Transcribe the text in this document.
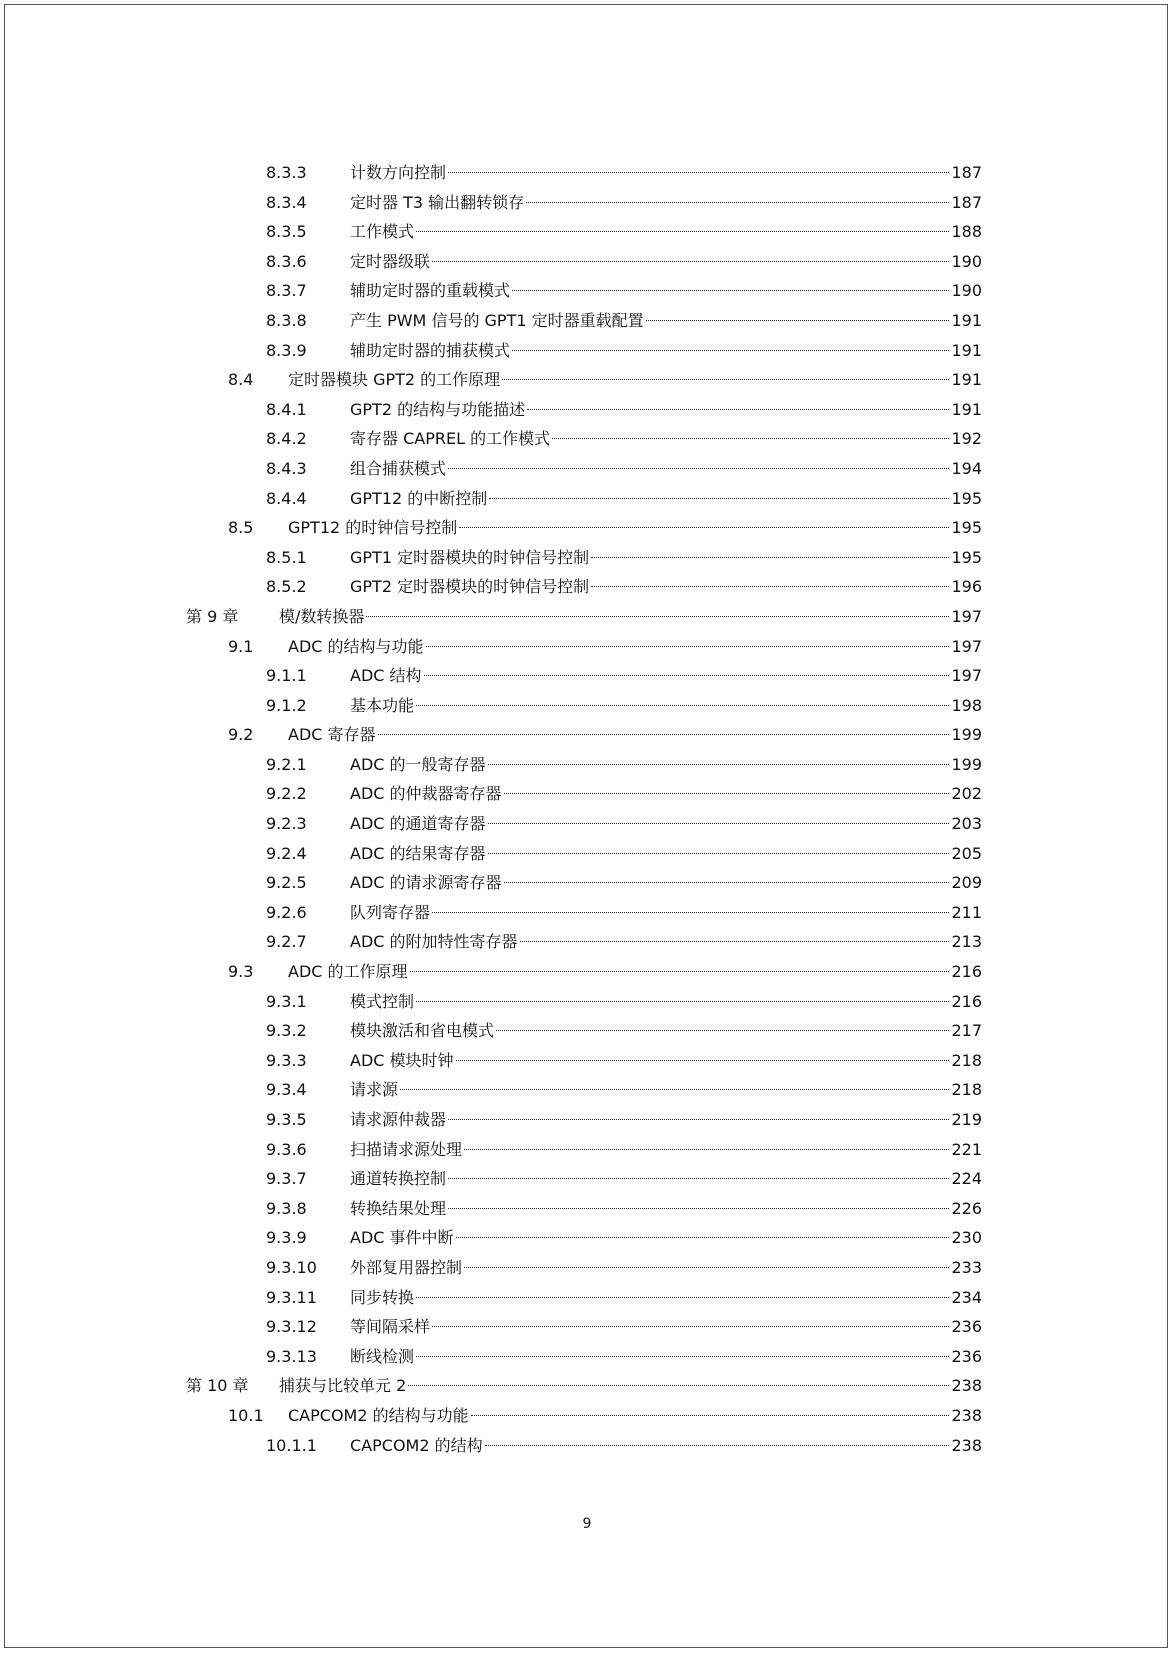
8.3.3	计数方向控制	187
8.3.4	定时器 T3 输出翻转锁存	187
8.3.5	工作模式	188
8.3.6	定时器级联	190
8.3.7	辅助定时器的重载模式	190
8.3.8	产生 PWM 信号的 GPT1 定时器重载配置	191
8.3.9	辅助定时器的捕获模式	191
8.4	定时器模块 GPT2 的工作原理	191
8.4.1	GPT2 的结构与功能描述	191
8.4.2	寄存器 CAPREL 的工作模式	192
8.4.3	组合捕获模式	194
8.4.4	GPT12 的中断控制	195
8.5	GPT12 的时钟信号控制	195
8.5.1	GPT1 定时器模块的时钟信号控制	195
8.5.2	GPT2 定时器模块的时钟信号控制	196
第 9 章	模/数转换器	197
9.1	ADC 的结构与功能	197
9.1.1	ADC 结构	197
9.1.2	基本功能	198
9.2	ADC 寄存器	199
9.2.1	ADC 的一般寄存器	199
9.2.2	ADC 的仲裁器寄存器	202
9.2.3	ADC 的通道寄存器	203
9.2.4	ADC 的结果寄存器	205
9.2.5	ADC 的请求源寄存器	209
9.2.6	队列寄存器	211
9.2.7	ADC 的附加特性寄存器	213
9.3	ADC 的工作原理	216
9.3.1	模式控制	216
9.3.2	模块激活和省电模式	217
9.3.3	ADC 模块时钟	218
9.3.4	请求源	218
9.3.5	请求源仲裁器	219
9.3.6	扫描请求源处理	221
9.3.7	通道转换控制	224
9.3.8	转换结果处理	226
9.3.9	ADC 事件中断	230
9.3.10	外部复用器控制	233
9.3.11	同步转换	234
9.3.12	等间隔采样	236
9.3.13	断线检测	236
第 10 章	捕获与比较单元 2	238
10.1	CAPCOM2 的结构与功能	238
10.1.1	CAPCOM2 的结构	238
9
